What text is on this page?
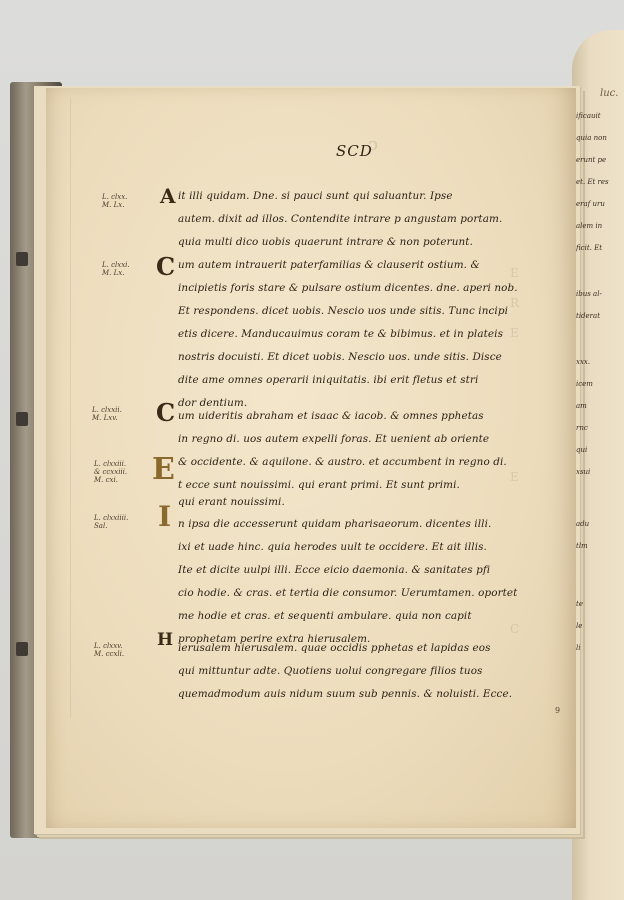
luc.
ↄ
SCD
L. clxx.
M. Lx.
L. clxxi.
M. Lx.
L. clxxii.
M. Lxv.
L. clxxiii.
& ccxxiii.
M. cxi.
L. clxxiiii.
Sal.
L. clxxv.
M. ccxli.
A
C
C
E
I
H
it illi quidam. Dne. si pauci sunt qui saluantur. Ipse
autem. dixit ad illos. Contendite intrare p angustam portam.
quia multi dico uobis quaerunt intrare & non poterunt.
um autem intrauerit paterfamilias & clauserit ostium. &
incipietis foris stare & pulsare ostium dicentes. dne. aperi nob.
Et respondens. dicet uobis. Nescio uos unde sitis. Tunc incipi
etis dicere. Manducauimus coram te & bibimus. et in plateis
nostris docuisti. Et dicet uobis. Nescio uos. unde sitis. Disce
dite ame omnes operarii iniquitatis. ibi erit fletus et stri
dor dentium.
um uideritis abraham et isaac & iacob. & omnes pphetas
in regno di. uos autem expelli foras. Et uenient ab oriente
& occidente. & aquilone. & austro. et accumbent in regno di.
t ecce sunt nouissimi. qui erant primi. Et sunt primi.
qui erant nouissimi.
n ipsa die accesserunt quidam pharisaeorum. dicentes illi.
ixi et uade hinc. quia herodes uult te occidere. Et ait illis.
Ite et dicite uulpi illi. Ecce eicio daemonia. & sanitates pfi
cio hodie. & cras. et tertia die consumor. Uerumtamen. oportet
me hodie et cras. et sequenti ambulare. quia non capit
prophetam perire extra hierusalem.
ierusalem hierusalem. quae occidis pphetas et lapidas eos
qui mittuntur adte. Quotiens uolui congregare filios tuos
quemadmodum auis nidum suum sub pennis. & noluisti. Ecce.
E
R
E
E
C
9
ificauit
quia non
erunt pe
et. Et res
eraf uru
alem in
ficit. Et
ibus al-
tiderat
xxx.
icem
am
rnc
qui
xsui
adu
tlm
te
le
li
